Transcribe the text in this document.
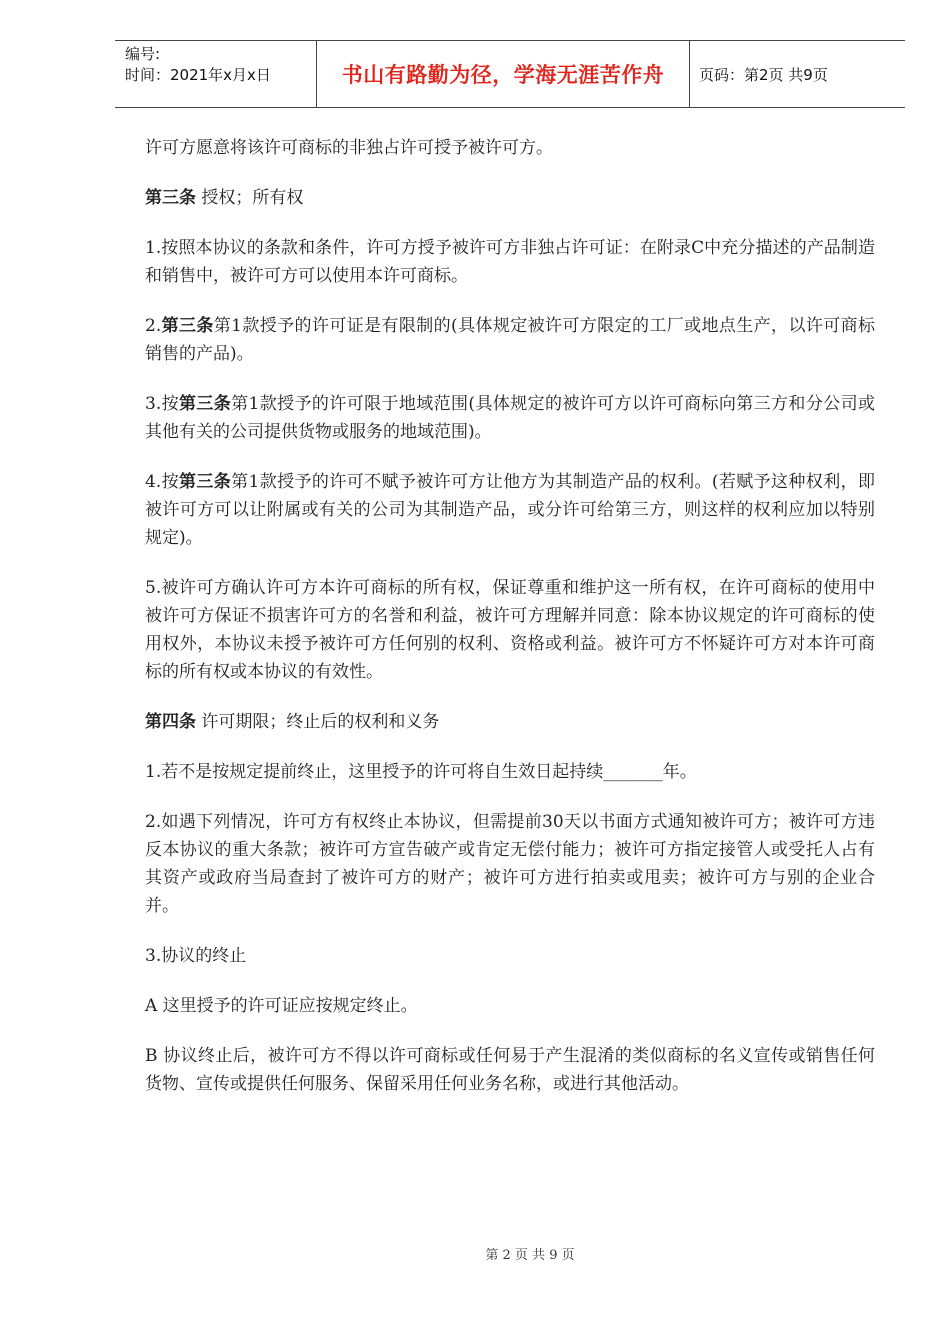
编号:
时间：2021年x月x日	书山有路勤为径，学海无涯苦作舟	页码：第2页 共9页

许可方愿意将该许可商标的非独占许可授予被许可方。

第三条 授权；所有权

1.按照本协议的条款和条件，许可方授予被许可方非独占许可证：在附录C中充分描述的产品制造和销售中，被许可方可以使用本许可商标。

2.第三条第1款授予的许可证是有限制的(具体规定被许可方限定的工厂或地点生产，以许可商标销售的产品)。

3.按第三条第1款授予的许可限于地域范围(具体规定的被许可方以许可商标向第三方和分公司或其他有关的公司提供货物或服务的地域范围)。

4.按第三条第1款授予的许可不赋予被许可方让他方为其制造产品的权利。(若赋予这种权利，即被许可方可以让附属或有关的公司为其制造产品，或分许可给第三方，则这样的权利应加以特别规定)。

5.被许可方确认许可方本许可商标的所有权，保证尊重和维护这一所有权，在许可商标的使用中被许可方保证不损害许可方的名誉和利益，被许可方理解并同意：除本协议规定的许可商标的使用权外，本协议未授予被许可方任何别的权利、资格或利益。被许可方不怀疑许可方对本许可商标的所有权或本协议的有效性。

第四条 许可期限；终止后的权利和义务

1.若不是按规定提前终止，这里授予的许可将自生效日起持续_______年。

2.如遇下列情况，许可方有权终止本协议，但需提前30天以书面方式通知被许可方；被许可方违反本协议的重大条款；被许可方宣告破产或肯定无偿付能力；被许可方指定接管人或受托人占有其资产或政府当局查封了被许可方的财产；被许可方进行拍卖或甩卖；被许可方与别的企业合并。

3.协议的终止

A 这里授予的许可证应按规定终止。

B 协议终止后，被许可方不得以许可商标或任何易于产生混淆的类似商标的名义宣传或销售任何货物、宣传或提供任何服务、保留采用任何业务名称，或进行其他活动。

第 2 页 共 9 页
